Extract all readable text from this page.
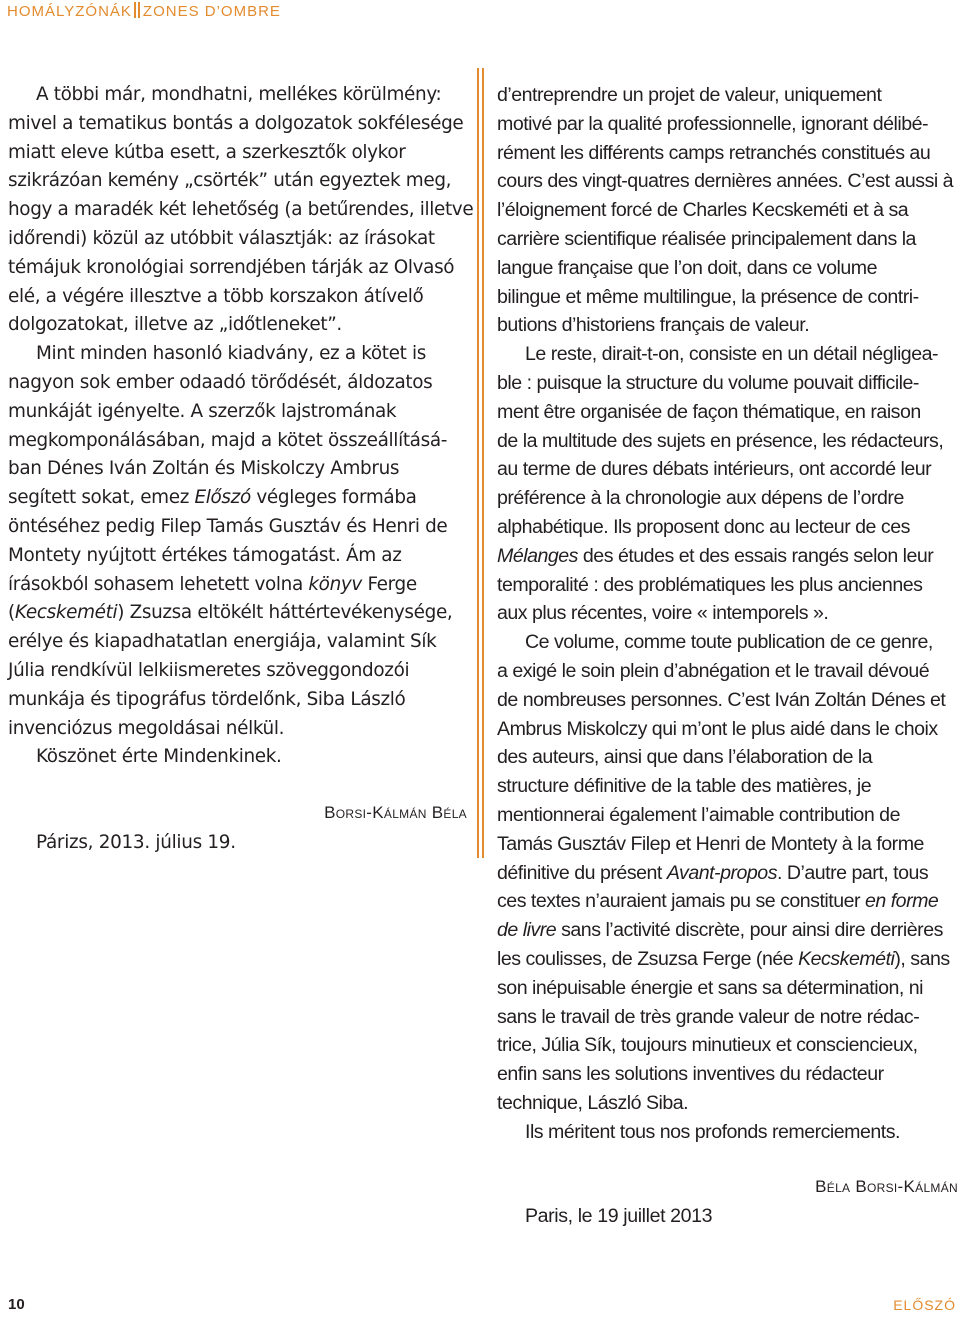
HOMÁLYZÓNÁK ZONES D’OMBRE

A többi már, mondhatni, mellékes körülmény:
mivel a tematikus bontás a dolgozatok sokfélesége
miatt eleve kútba esett, a szerkesztők olykor
szikrázóan kemény „csörték” után egyeztek meg,
hogy a maradék két lehetőség (a betűrendes, illetve
időrendi) közül az utóbbit választják: az írásokat
témájuk kronológiai sorrendjében tárják az Olvasó
elé, a végére illesztve a több korszakon átívelő
dolgozatokat, illetve az „időtleneket”.

Mint minden hasonló kiadvány, ez a kötet is
nagyon sok ember odaadó törődését, áldozatos
munkáját igényelte. A szerzők lajstromának
megkomponálásában, majd a kötet összeállításá-
ban Dénes Iván Zoltán és Miskolczy Ambrus
segített sokat, emez Előszó végleges formába
öntéséhez pedig Filep Tamás Gusztáv és Henri de
Montety nyújtott értékes támogatást. Ám az
írásokból sohasem lehetett volna könyv Ferge
(Kecskeméti) Zsuzsa eltökélt háttértevékenysége,
erélye és kiapadhatatlan energiája, valamint Sík
Júlia rendkívül lelkiismeretes szöveggondozói
munkája és tipográfus tördelőnk, Siba László
invenciózus megoldásai nélkül.

Köszönet érte Mindenkinek.

Borsi-Kálmán Béla
Párizs, 2013. július 19.

d’entreprendre un projet de valeur, uniquement
motivé par la qualité professionnelle, ignorant délibé-
rément les différents camps retranchés constitués au
cours des vingt-quatres dernières années. C’est aussi à
l’éloignement forcé de Charles Kecskeméti et à sa
carrière scientifique réalisée principalement dans la
langue française que l’on doit, dans ce volume
bilingue et même multilingue, la présence de contri-
butions d’historiens français de valeur.

Le reste, dirait-t-on, consiste en un détail négligea-
ble : puisque la structure du volume pouvait difficile-
ment être organisée de façon thématique, en raison
de la multitude des sujets en présence, les rédacteurs,
au terme de dures débats intérieurs, ont accordé leur
préférence à la chronologie aux dépens de l’ordre
alphabétique. Ils proposent donc au lecteur de ces
Mélanges des études et des essais rangés selon leur
temporalité : des problématiques les plus anciennes
aux plus récentes, voire « intemporels ».

Ce volume, comme toute publication de ce genre,
a exigé le soin plein d’abnégation et le travail dévoué
de nombreuses personnes. C’est Iván Zoltán Dénes et
Ambrus Miskolczy qui m’ont le plus aidé dans le choix
des auteurs, ainsi que dans l’élaboration de la
structure définitive de la table des matières, je
mentionnerai également l’aimable contribution de
Tamás Gusztáv Filep et Henri de Montety à la forme
définitive du présent Avant-propos. D’autre part, tous
ces textes n’auraient jamais pu se constituer en forme
de livre sans l’activité discrète, pour ainsi dire derrières
les coulisses, de Zsuzsa Ferge (née Kecskeméti), sans
son inépuisable énergie et sans sa détermination, ni
sans le travail de très grande valeur de notre rédac-
trice, Júlia Sík, toujours minutieux et consciencieux,
enfin sans les solutions inventives du rédacteur
technique, László Siba.

Ils méritent tous nos profonds remerciements.

Béla Borsi-Kálmán
Paris, le 19 juillet 2013
10	ELŐSZÓ
